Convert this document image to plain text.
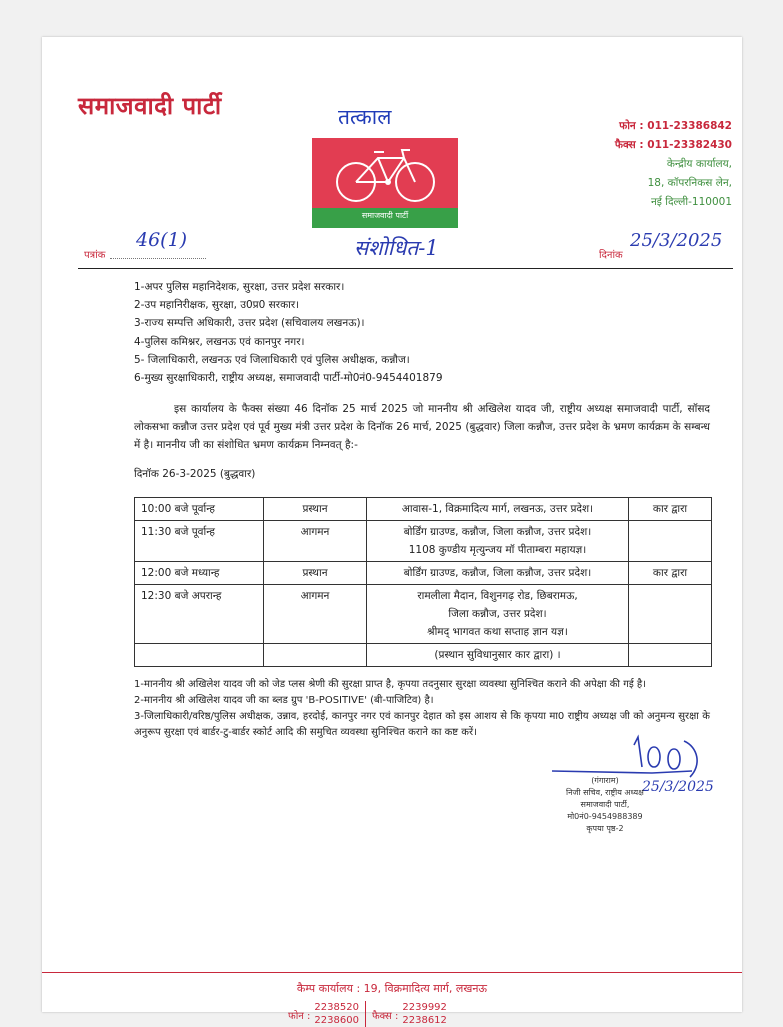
समाजवादी पार्टी	तत्काल
समाजवादी पार्टी
फोन : 011-23386842
फैक्स : 011-23382430
केन्द्रीय कार्यालय,
18, कॉपरनिकस लेन,
नई दिल्ली-110001
पत्रांक
46(1)	संशोधित-1	दिनांक
25/3/2025
1-अपर पुलिस महानिदेशक, सुरक्षा, उत्तर प्रदेश सरकार।
2-उप महानिरीक्षक, सुरक्षा, उ0प्र0 सरकार।
3-राज्य सम्पत्ति अधिकारी, उत्तर प्रदेश (सचिवालय लखनऊ)।
4-पुलिस कमिश्नर, लखनऊ एवं कानपुर नगर।
5- जिलाधिकारी, लखनऊ एवं जिलाधिकारी एवं पुलिस अधीक्षक, कन्नौज।
6-मुख्य सुरक्षाधिकारी, राष्ट्रीय अध्यक्ष, समाजवादी पार्टी-मो0नं0-9454401879
इस कार्यालय के फैक्स संख्या 46 दिनॉक 25 मार्च 2025 जो माननीय श्री अखिलेश यादव जी, राष्ट्रीय अध्यक्ष समाजवादी पार्टी, सॉसद लोकसभा कन्नौज उत्तर प्रदेश एवं पूर्व मुख्य मंत्री उत्तर प्रदेश के दिनॉक 26 मार्च, 2025 (बुद्धवार) जिला कन्नौज, उत्तर प्रदेश के भ्रमण कार्यक्रम के सम्बन्ध में है। माननीय जी का संशोधित भ्रमण कार्यक्रम निम्नवत् है:-
दिनॉक 26-3-2025 (बुद्धवार)
10:00 बजे पूर्वान्ह	प्रस्थान	आवास-1, विक्रमादित्य मार्ग, लखनऊ, उत्तर प्रदेश।	कार द्वारा
11:30 बजे पूर्वान्ह	आगमन	बोर्डिंग ग्राउण्ड, कन्नौज, जिला कन्नौज, उत्तर प्रदेश।
1108 कुण्डीय मृत्युन्जय मॉ पीताम्बरा महायज्ञ।	

12:00 बजे मध्यान्ह	प्रस्थान	बोर्डिंग ग्राउण्ड, कन्नौज, जिला कन्नौज, उत्तर प्रदेश।	कार द्वारा
12:30 बजे अपरान्ह	आगमन	रामलीला मैदान, विशुनगढ़ रोड, छिबरामऊ,
जिला कन्नौज, उत्तर प्रदेश।
श्रीमद् भागवत कथा सप्ताह ज्ञान यज्ञ।	

		(प्रस्थान सुविधानुसार कार द्वारा) ।	
1-माननीय श्री अखिलेश यादव जी को जेड प्लस श्रेणी की सुरक्षा प्राप्त है, कृपया तदनुसार सुरक्षा व्यवस्था सुनिश्चित कराने की अपेक्षा की गई है।
2-माननीय श्री अखिलेश यादव जी का ब्लड ग्रुप 'B-POSITIVE' (बी-पाजिटिव) है।
3-जिलाधिकारी/वरिष्ठ/पुलिस अधीक्षक, उन्नाव, हरदोई, कानपुर नगर एवं कानपुर देहात को इस आशय से कि कृपया मा0 राष्ट्रीय अध्यक्ष जी को अनुमन्य सुरक्षा के अनुरूप सुरक्षा एवं बार्डर-टु-बार्डर स्कोर्ट आदि की समुचित व्यवस्था सुनिश्चित कराने का कष्ट करें।
25/3/2025
(गंगाराम)
निजी सचिव, राष्ट्रीय अध्यक्ष
समाजवादी पार्टी,
मो0नं0-9454988389
कृपया पृष्ठ-2
कैम्प कार्यालय : 19, विक्रमादित्य मार्ग, लखनऊ
फोन :2238520
2238600 फैक्स :2239992
2238612
